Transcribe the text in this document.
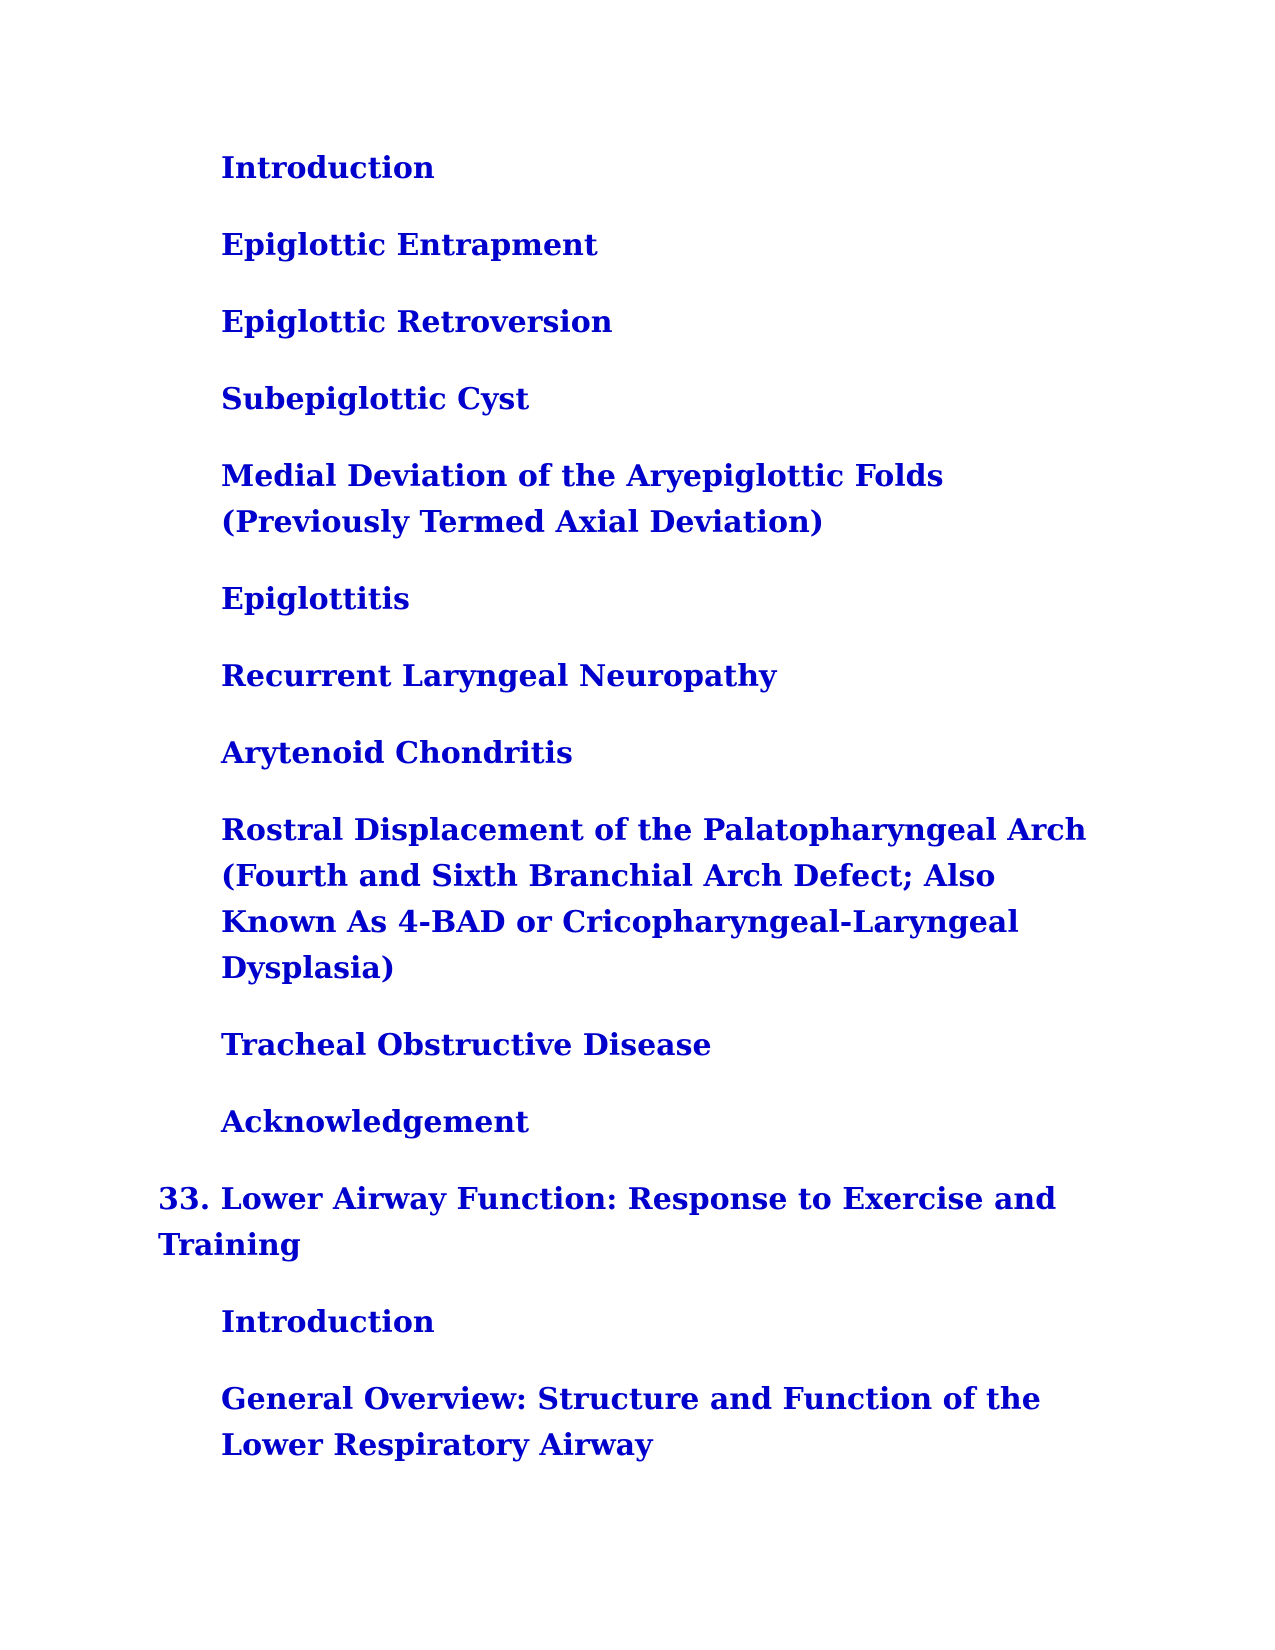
Introduction
Epiglottic Entrapment
Epiglottic Retroversion
Subepiglottic Cyst
Medial Deviation of the Aryepiglottic Folds (Previously Termed Axial Deviation)
Epiglottitis
Recurrent Laryngeal Neuropathy
Arytenoid Chondritis
Rostral Displacement of the Palatopharyngeal Arch (Fourth and Sixth Branchial Arch Defect; Also Known As 4-BAD or Cricopharyngeal-Laryngeal Dysplasia)
Tracheal Obstructive Disease
Acknowledgement
33. Lower Airway Function: Response to Exercise and Training
Introduction
General Overview: Structure and Function of the Lower Respiratory Airway
